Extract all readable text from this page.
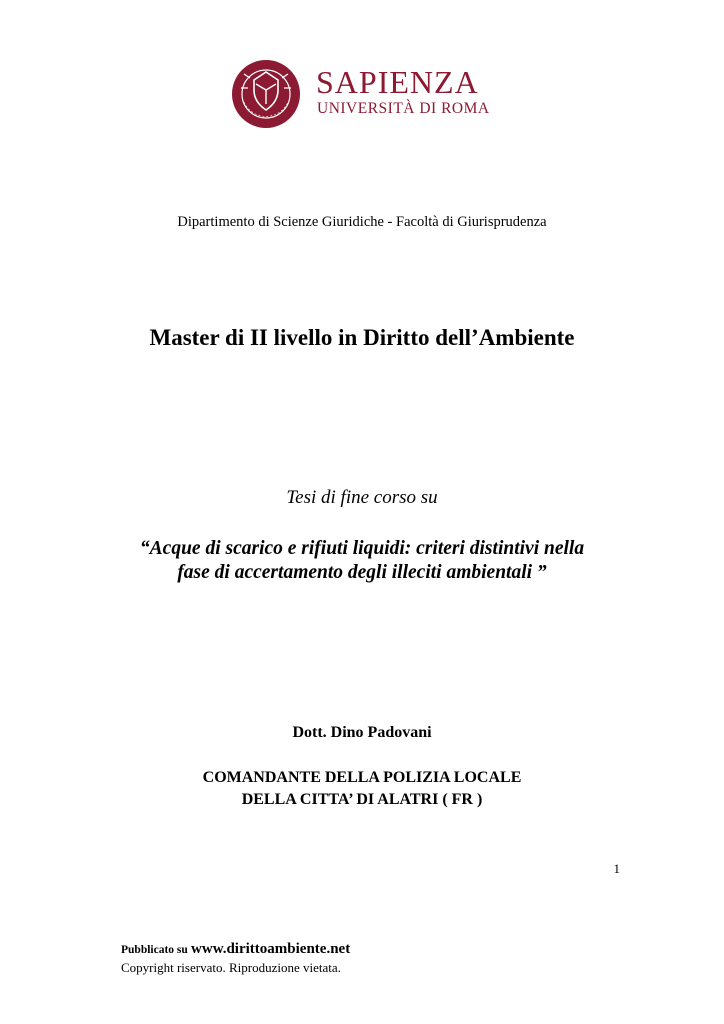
SAPIENZA
UNIVERSITÀ DI ROMA
Dipartimento di Scienze Giuridiche - Facoltà di Giurisprudenza
Master di II livello in Diritto dell’Ambiente
Tesi di fine corso su
“Acque di scarico e rifiuti liquidi: criteri distintivi nella
fase di accertamento degli illeciti ambientali ”
Dott. Dino Padovani
COMANDANTE DELLA POLIZIA LOCALE
DELLA CITTA’ DI ALATRI ( FR )
1
Pubblicato su www.dirittoambiente.net
Copyright riservato. Riproduzione vietata.
